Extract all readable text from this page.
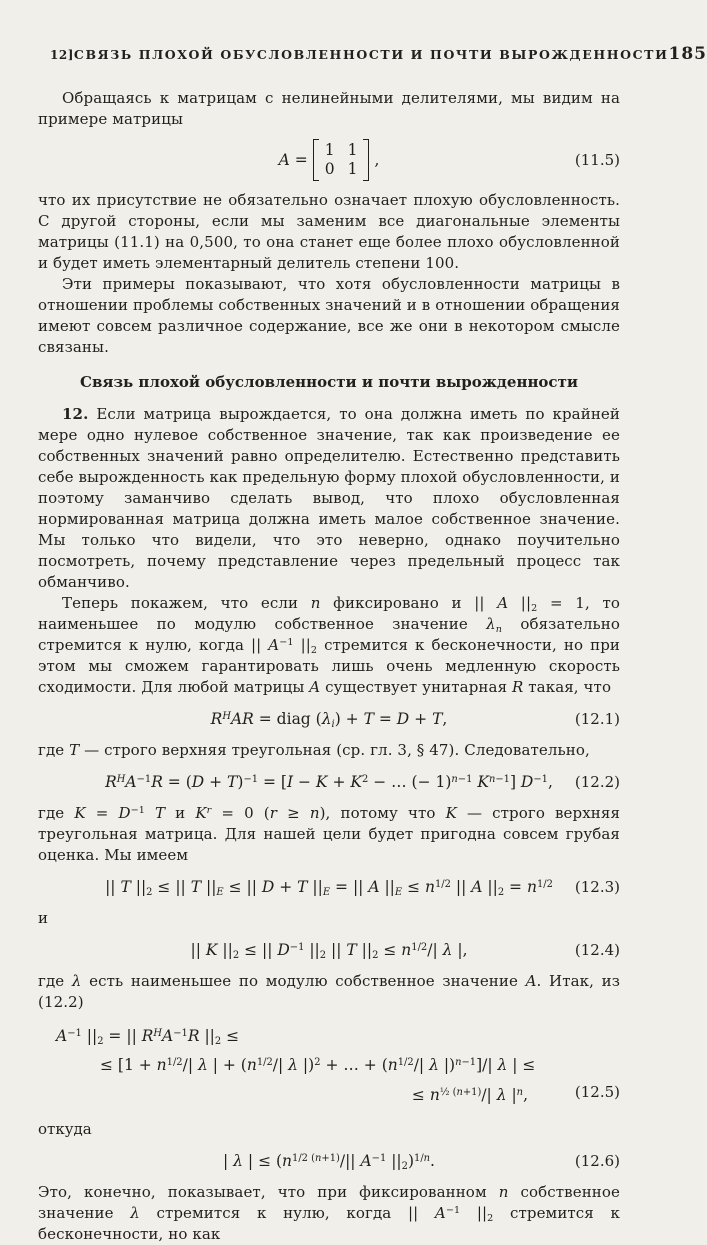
12] СВЯЗЬ ПЛОХОЙ ОБУСЛОВЛЕННОСТИ И ПОЧТИ ВЫРОЖДЕННОСТИ 185

Обращаясь к матрицам с нелинейными делителями, мы видим на примере матрицы

A =
1 1
0 1 ,	(11.5)

что их присутствие не обязательно означает плохую обусловленность. С другой стороны, если мы заменим все диагональные элементы матрицы (11.1) на 0,500, то она станет еще более плохо обусловленной и будет иметь элементарный делитель степени 100.

Эти примеры показывают, что хотя обусловленности матрицы в отношении проблемы собственных значений и в отношении обращения имеют совсем различное содержание, все же они в некотором смысле связаны.

Связь плохой обусловленности и почти вырожденности

12. Если матрица вырождается, то она должна иметь по крайней мере одно нулевое собственное значение, так как произведение ее собственных значений равно определителю. Естественно представить себе вырожденность как предельную форму плохой обусловленности, и поэтому заманчиво сделать вывод, что плохо обусловленная нормированная матрица должна иметь малое собственное значение. Мы только что видели, что это неверно, однако поучительно посмотреть, почему представление через предельный процесс так обманчиво.

Теперь покажем, что если n фиксировано и || A $||_2 = 1$, то наименьшее по модулю собственное значение $\lambda_n$ обязательно стремится к нулю, когда || $A^{-1}$ $||_2$ стремится к бесконечности, но при этом мы сможем гарантировать лишь очень медленную скорость сходимости. Для любой матрицы A существует унитарная R такая, что

$R^HAR$ = diag $(\lambda_i) + T = D + T$,	(12.1)

где T — строго верхняя треугольная (ср. гл. 3, § 47). Следовательно,

$R^HA^{-1}R = (D + T)^{-1} = [I - K + K^2$ − … (− 1)$^{n-1}$ $K^{n-1}$] $D^{-1}$, (12.2)

где $K = D^{-1}$ T и $K^r = 0$ (r ≥ n), потому что K — строго верхняя треугольная матрица. Для нашей цели будет пригодна совсем грубая оценка. Мы имеем

|| T $||_2$ ≤ || T $||_E$ ≤ || D + T $||_E$ = || A $||_E \le n^{1/2}$ || A $||_2 = n^{1/2}$ (12.3)
и
|| K $||_2$ ≤ || $D^{-1}$ $||_2$ || T $||_2 \le n^{1/2}/|$ λ |,	(12.4)

где λ есть наименьшее по модулю собственное значение A. Итак, из (12.2)

$A^{-1}$ $||_2$ = || $R^HA^{-1}R$ $||_2$ ≤
≤ [$1 + n^{1/2}/|$ λ | + ($n^{1/2}/|$ λ |)$^2$ + … + ($n^{1/2}/|$ λ |)$^{n-1}$]/| λ | ≤
≤ $n^{\frac{1}{2} (n+1)}/|$ λ $|^n$,	(12.5)
откуда
| λ | ≤ ($n^{1/2 (n+1)}/||$ $A^{-1}$ $||_2)^{1/n}$.	(12.6)

Это, конечно, показывает, что при фиксированном n собственное значение λ стремится к нулю, когда || $A^{-1}$ $||_2$ стремится к бесконечности, но как
